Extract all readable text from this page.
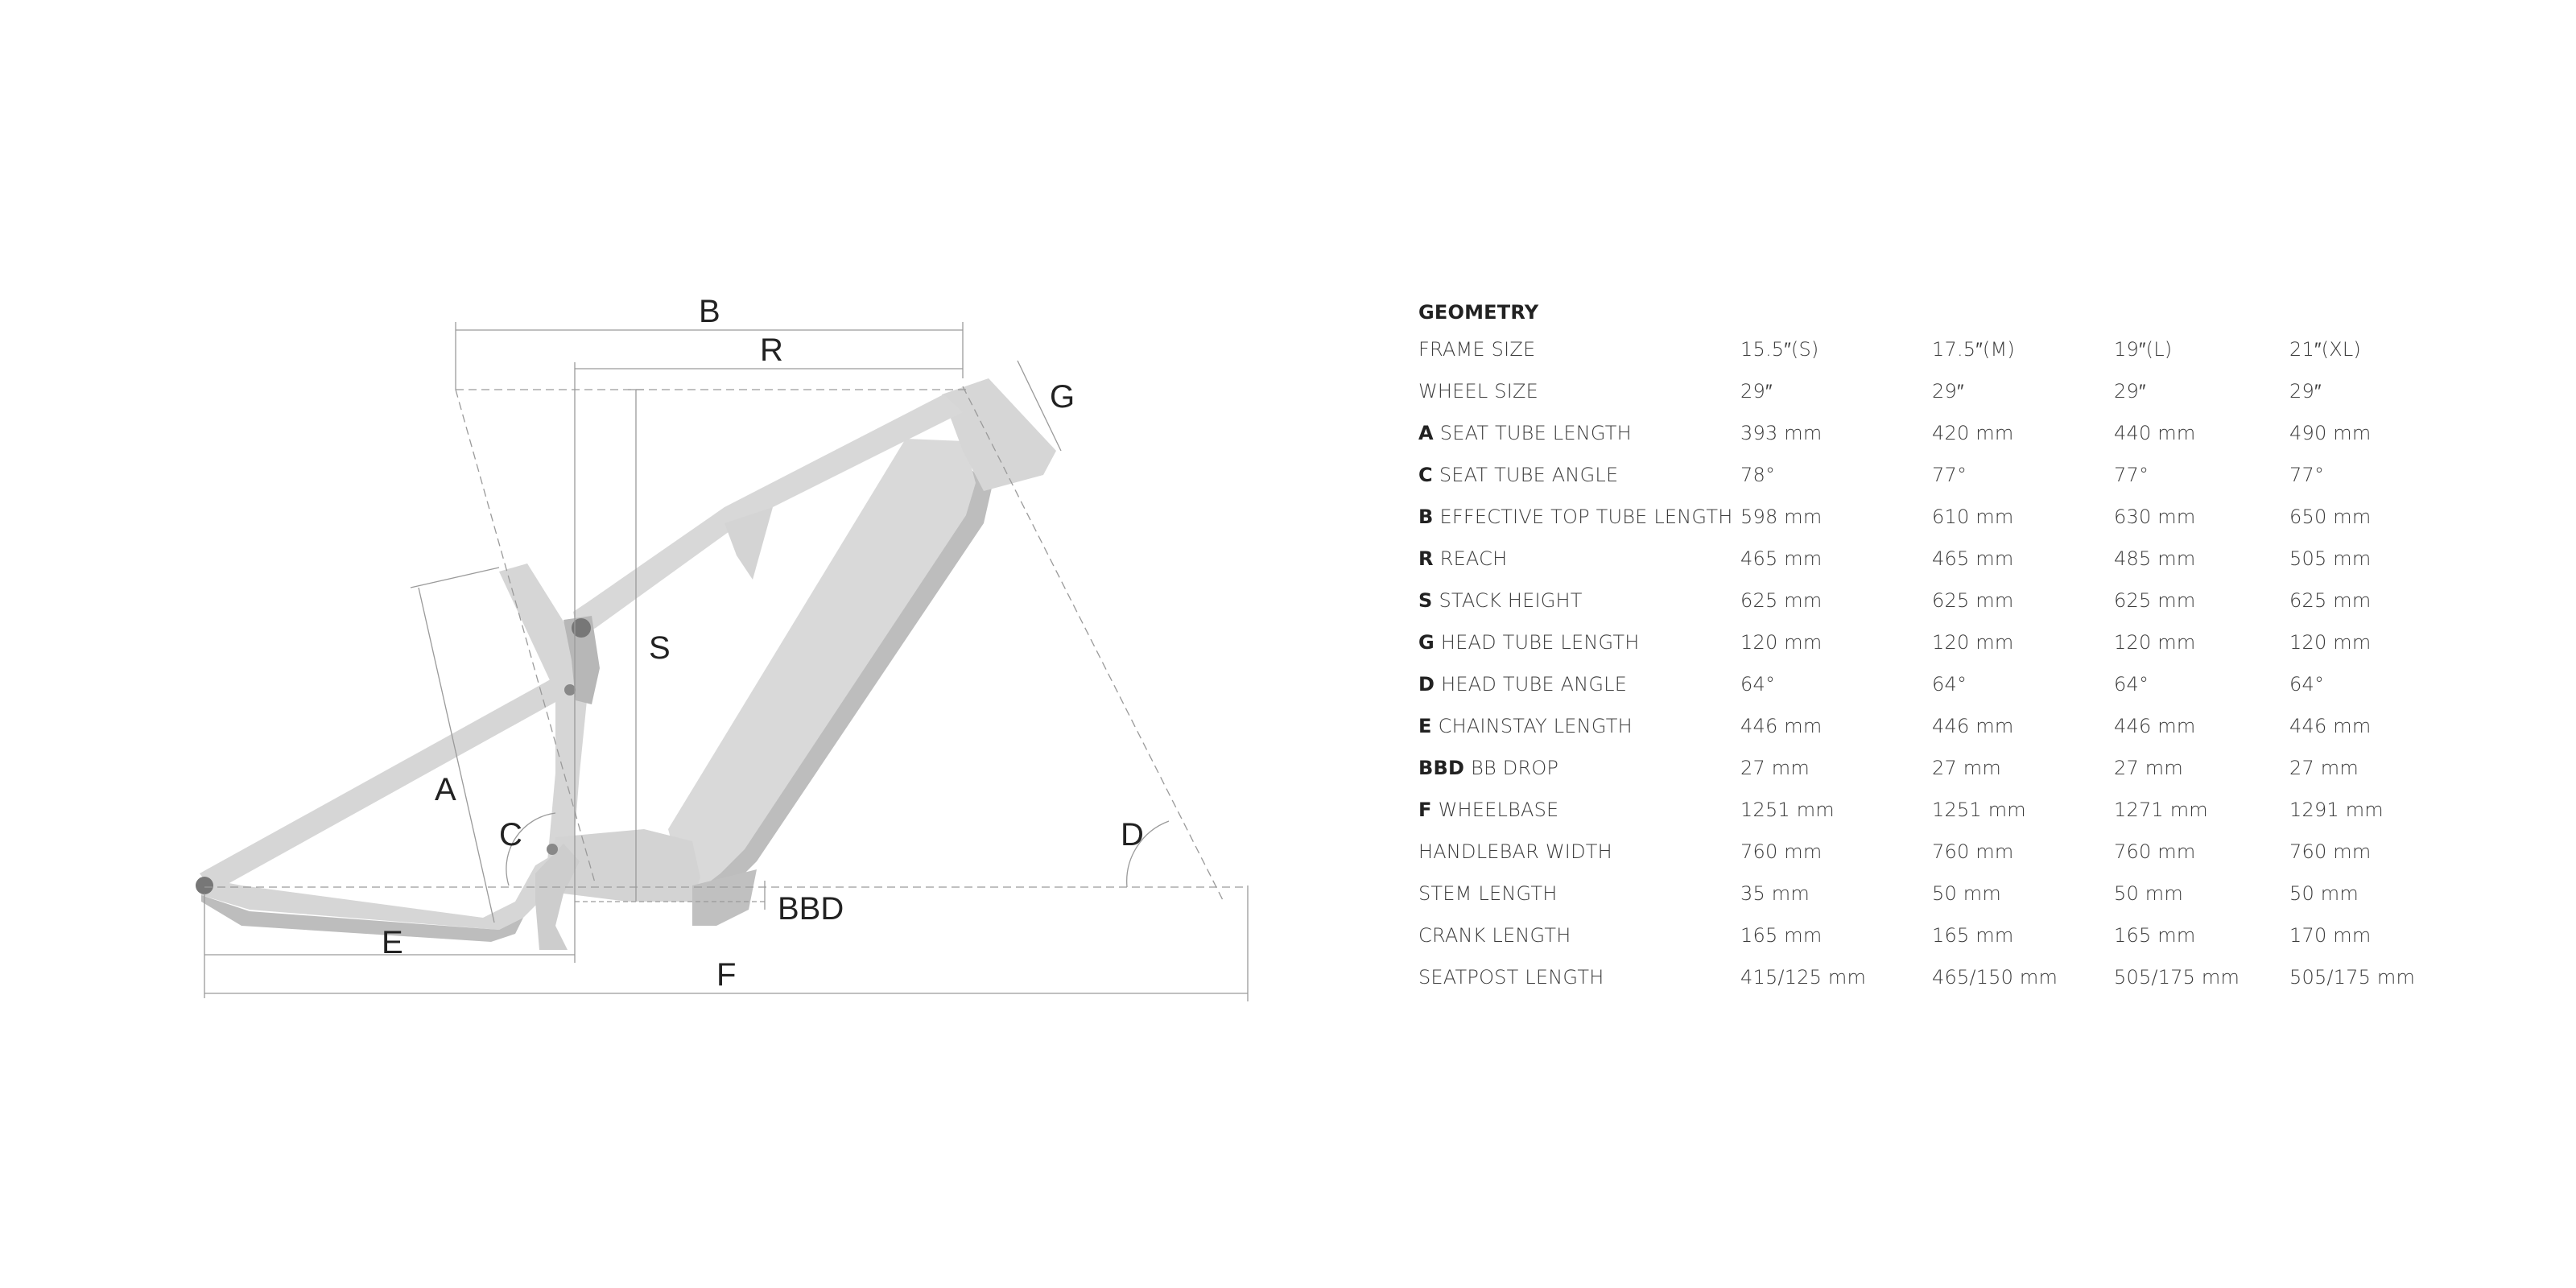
B
R
G
S
A
C	D
E
F
BBD
GEOMETRY
FRAME SIZE	15.5″(S)	17.5″(M)	19″(L)	21″(XL)
WHEEL SIZE	29″	29″	29″	29″
A SEAT TUBE LENGTH	393 mm	420 mm	440 mm	490 mm
C SEAT TUBE ANGLE	78°	77°	77°	77°
B EFFECTIVE TOP TUBE LENGTH 598 mm	610 mm	630 mm	650 mm
R REACH	465 mm	465 mm	485 mm	505 mm
S STACK HEIGHT	625 mm	625 mm	625 mm	625 mm
G HEAD TUBE LENGTH	120 mm	120 mm	120 mm	120 mm
D HEAD TUBE ANGLE	64°	64°	64°	64°
E CHAINSTAY LENGTH	446 mm	446 mm	446 mm	446 mm
BBD BB DROP	27 mm	27 mm	27 mm	27 mm
F WHEELBASE	1251 mm	1251 mm	1271 mm	1291 mm
HANDLEBAR WIDTH	760 mm	760 mm	760 mm	760 mm
STEM LENGTH	35 mm	50 mm	50 mm	50 mm
CRANK LENGTH	165 mm	165 mm	165 mm	170 mm
SEATPOST LENGTH	415/125 mm	465/150 mm	505/175 mm	505/175 mm
